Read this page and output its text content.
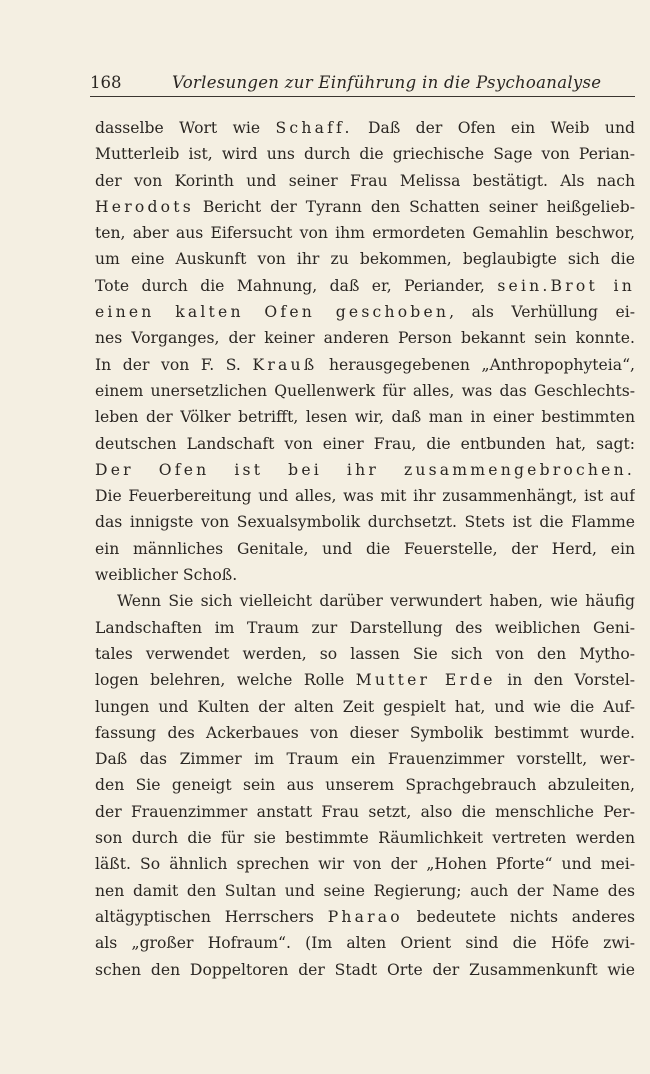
168	Vorlesungen zur Einführung in die Psychoanalyse
dasselbe Wort wie Schaff. Daß der Ofen ein Weib und
Mutterleib ist, wird uns durch die griechische Sage von Perian-
der von Korinth und seiner Frau Melissa bestätigt. Als nach
Herodots Bericht der Tyrann den Schatten seiner heißgelieb-
ten, aber aus Eifersucht von ihm ermordeten Gemahlin beschwor,
um eine Auskunft von ihr zu bekommen, beglaubigte sich die
Tote durch die Mahnung, daß er, Periander, sein.Brot in
einen kalten Ofen geschoben, als Verhüllung ei-
nes Vorganges, der keiner anderen Person bekannt sein konnte.
In der von F. S. Krauß herausgegebenen „Anthropophyteia“,
einem unersetzlichen Quellenwerk für alles, was das Geschlechts-
leben der Völker betrifft, lesen wir, daß man in einer bestimmten
deutschen Landschaft von einer Frau, die entbunden hat, sagt:
Der Ofen ist bei ihr zusammengebrochen.
Die Feuerbereitung und alles, was mit ihr zusammenhängt, ist auf
das innigste von Sexualsymbolik durchsetzt. Stets ist die Flamme
ein männliches Genitale, und die Feuerstelle, der Herd, ein
weiblicher Schoß.
Wenn Sie sich vielleicht darüber verwundert haben, wie häufig
Landschaften im Traum zur Darstellung des weiblichen Geni-
tales verwendet werden, so lassen Sie sich von den Mytho-
logen belehren, welche Rolle Mutter Erde in den Vorstel-
lungen und Kulten der alten Zeit gespielt hat, und wie die Auf-
fassung des Ackerbaues von dieser Symbolik bestimmt wurde.
Daß das Zimmer im Traum ein Frauenzimmer vorstellt, wer-
den Sie geneigt sein aus unserem Sprachgebrauch abzuleiten,
der Frauenzimmer anstatt Frau setzt, also die menschliche Per-
son durch die für sie bestimmte Räumlichkeit vertreten werden
läßt. So ähnlich sprechen wir von der „Hohen Pforte“ und mei-
nen damit den Sultan und seine Regierung; auch der Name des
altägyptischen Herrschers Pharao bedeutete nichts anderes
als „großer Hofraum“. (Im alten Orient sind die Höfe zwi-
schen den Doppeltoren der Stadt Orte der Zusammenkunft wie
